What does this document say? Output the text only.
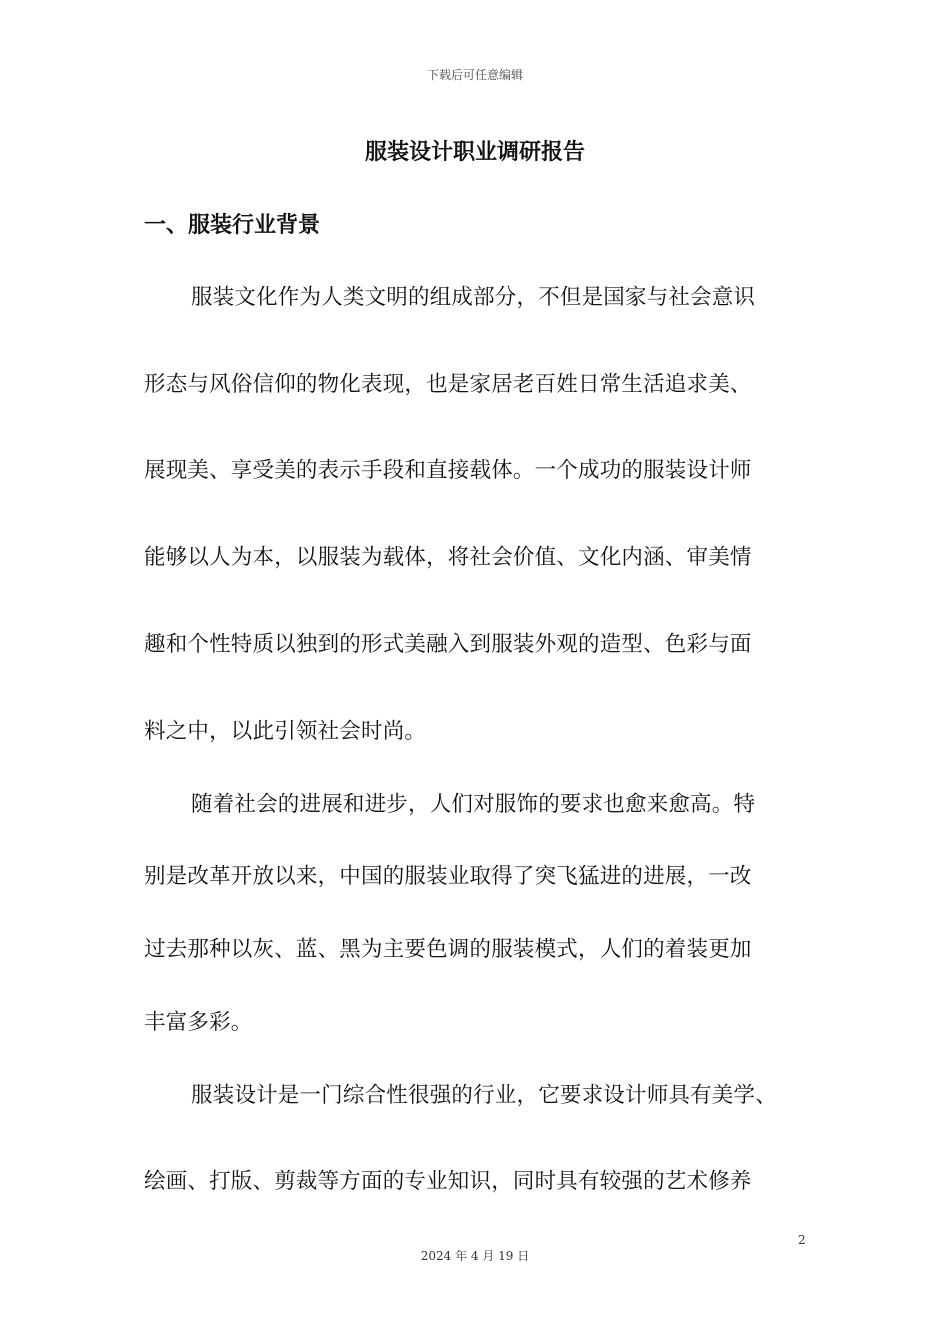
下载后可任意编辑
服装设计职业调研报告
一、服装行业背景
服装文化作为人类文明的组成部分，不但是国家与社会意识
形态与风俗信仰的物化表现，也是家居老百姓日常生活追求美、
展现美、享受美的表示手段和直接载体。一个成功的服装设计师
能够以人为本，以服装为载体，将社会价值、文化内涵、审美情
趣和个性特质以独到的形式美融入到服装外观的造型、色彩与面
料之中，以此引领社会时尚。
随着社会的进展和进步，人们对服饰的要求也愈来愈高。特
别是改革开放以来，中国的服装业取得了突飞猛进的进展，一改
过去那种以灰、蓝、黑为主要色调的服装模式，人们的着装更加
丰富多彩。
服装设计是一门综合性很强的行业，它要求设计师具有美学、
绘画、打版、剪裁等方面的专业知识，同时具有较强的艺术修养
2
2024 年 4 月 19 日
